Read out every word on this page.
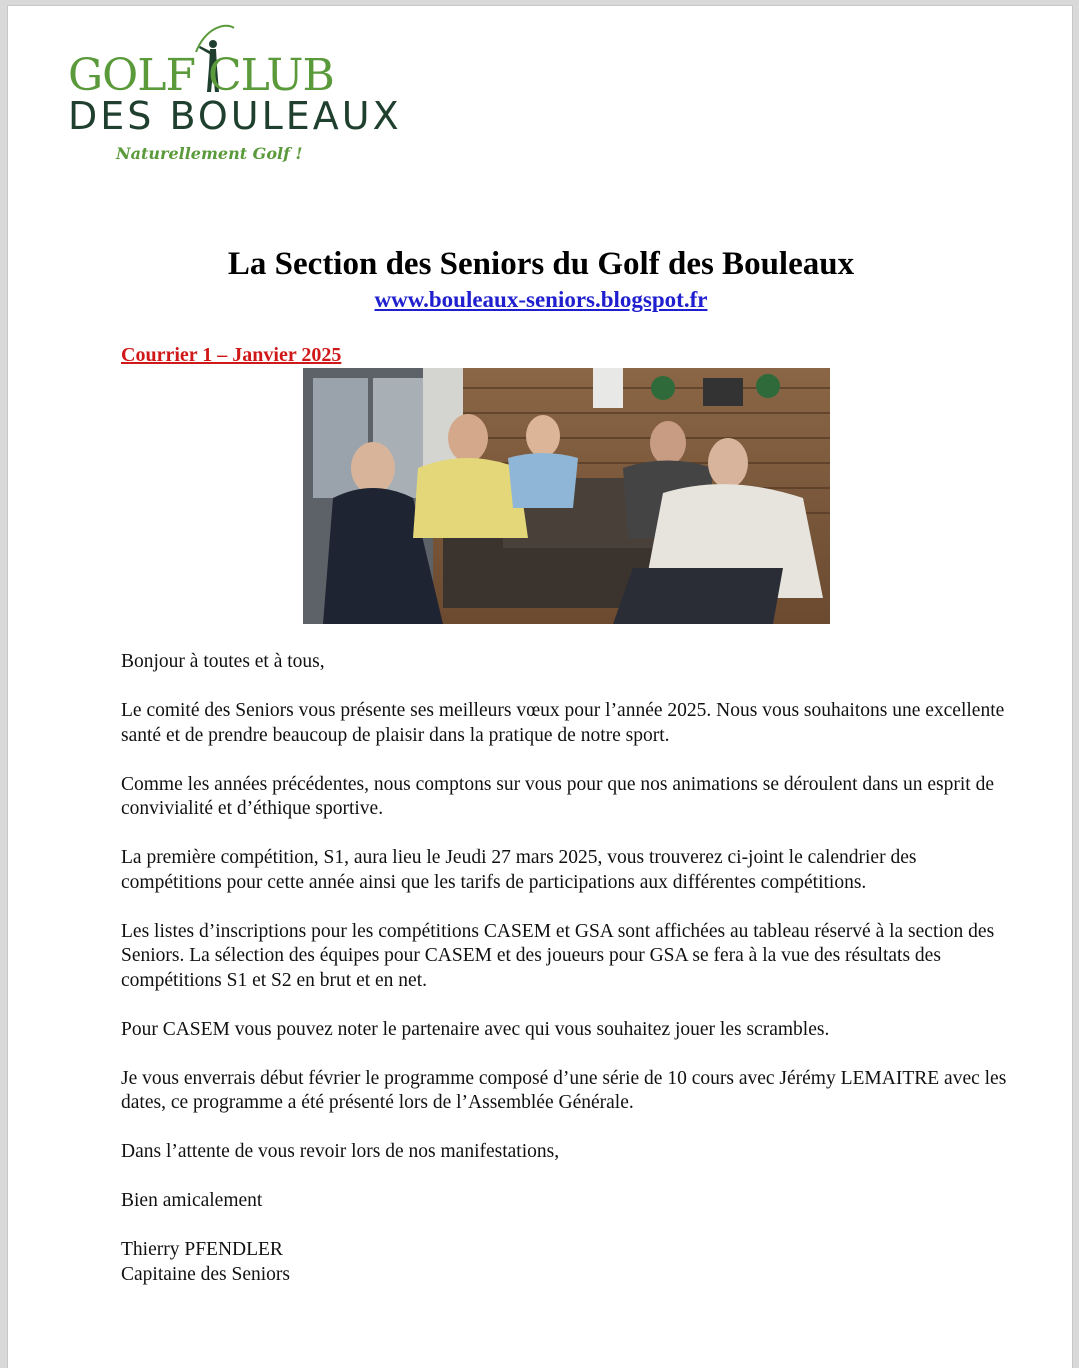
GOLF CLUB
DES BOULEAUX
Naturellement Golf !
La Section des Seniors du Golf des Bouleaux
www.bouleaux-seniors.blogspot.fr
Courrier 1 – Janvier 2025

Bonjour à toutes et à tous,

Le comité des Seniors vous présente ses meilleurs vœux pour l’année 2025. Nous vous souhaitons une excellente santé et de prendre beaucoup de plaisir dans la pratique de notre sport.

Comme les années précédentes, nous comptons sur vous pour que nos animations se déroulent dans un esprit de convivialité et d’éthique sportive.

La première compétition, S1, aura lieu le Jeudi 27 mars 2025, vous trouverez ci-joint le calendrier des compétitions pour cette année ainsi que les tarifs de participations aux différentes compétitions.

Les listes d’inscriptions pour les compétitions CASEM et GSA sont affichées au tableau réservé à la section des Seniors. La sélection des équipes pour CASEM et des joueurs pour GSA se fera à la vue des résultats des compétitions S1 et S2 en brut et en net.

Pour CASEM vous pouvez noter le partenaire avec qui vous souhaitez jouer les scrambles.

Je vous enverrais début février le programme composé d’une série de 10 cours avec Jérémy LEMAITRE avec les dates, ce programme a été présenté lors de l’Assemblée Générale.

Dans l’attente de vous revoir lors de nos manifestations,

Bien amicalement

Thierry PFENDLER

Capitaine des Seniors
